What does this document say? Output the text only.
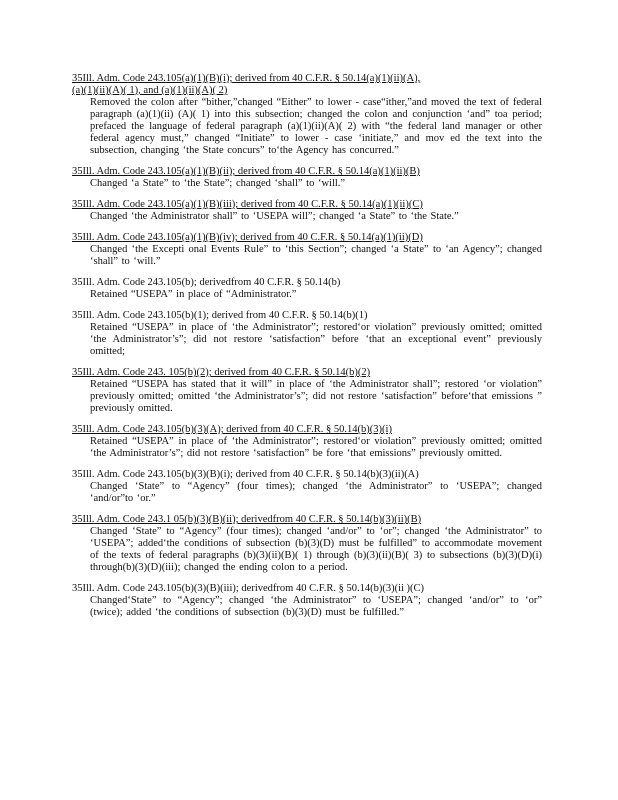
35Ill. Adm. Code 243.105(a)(1)(B)(i); derived from 40 C.F.R. § 50.14(a)(1)(ii)(A),
(a)(1)(ii)(A)( 1), and (a)(1)(ii)(A)( 2)
Removed the colon after “bither,”changed “Either” to lower - case“ither,”and moved the text of federal paragraph (a)(1)(ii) (A)( 1) into this subsection; changed the colon and conjunction ‘and” toa period; prefaced the language of federal paragraph (a)(1)(ii)(A)( 2) with “the federal land manager or other federal agency must,” changed “Initiate” to lower - case ‘initiate,” and mov ed the text into the subsection, changing ‘the State concurs” to‘the Agency has concurred.”
35Ill. Adm. Code 243.105(a)(1)(B)(ii); derived from 40 C.F.R. § 50.14(a)(1)(ii)(B)
Changed ‘a State” to ‘the State”; changed ‘shall” to ‘will.”
35Ill. Adm. Code 243.105(a)(1)(B)(iii); derived from 40 C.F.R. § 50.14(a)(1)(ii)(C)
Changed ‘the Administrator shall” to ‘USEPA will”; changed ‘a State” to ‘the State.”
35Ill. Adm. Code 243.105(a)(1)(B)(iv); derived from 40 C.F.R. § 50.14(a)(1)(ii)(D)
Changed ‘the Excepti onal Events Rule” to ‘this Section”; changed ‘a State” to ‘an Agency”; changed ‘shall” to ‘will.”
35Ill. Adm. Code 243.105(b); derivedfrom 40 C.F.R. § 50.14(b)
Retained “USEPA” in place of “Administrator.”
35Ill. Adm. Code 243.105(b)(1); derived from 40 C.F.R. § 50.14(b)(1)
Retained “USEPA” in place of ‘the Administrator”; restored‘or violation” previously omitted; omitted ‘the Administrator’s”; did not restore ‘satisfaction” before ‘that an exceptional event” previously omitted;
35Ill. Adm. Code 243. 105(b)(2); derived from 40 C.F.R. § 50.14(b)(2)
Retained “USEPA has stated that it will” in place of ‘the Administrator shall”; restored ‘or violation” previously omitted; omitted ‘the Administrator’s”; did not restore ‘satisfaction” before‘that emissions ” previously omitted.
35Ill. Adm. Code 243.105(b)(3)(A); derived from 40 C.F.R. § 50.14(b)(3)(i)
Retained “USEPA” in place of ‘the Administrator”; restored‘or violation” previously omitted; omitted ‘the Administrator’s”; did not restore ‘satisfaction” be fore ‘that emissions” previously omitted.
35Ill. Adm. Code 243.105(b)(3)(B)(i); derived from 40 C.F.R. § 50.14(b)(3)(ii)(A)
Changed ‘State” to “Agency” (four times); changed ‘the Administrator” to ‘USEPA”; changed ‘and/or”to ‘or.”
35Ill. Adm. Code 243.1 05(b)(3)(B)(ii); derivedfrom 40 C.F.R. § 50.14(b)(3)(ii)(B)
Changed ‘State” to “Agency” (four times); changed ‘and/or” to ‘or”; changed ‘the Administrator” to ‘USEPA”; added‘the conditions of subsection (b)(3)(D) must be fulfilled” to accommodate movement of the texts of federal paragraphs (b)(3)(ii)(B)( 1) through (b)(3)(ii)(B)( 3) to subsections (b)(3)(D)(i) through(b)(3)(D)(iii); changed the ending colon to a period.
35Ill. Adm. Code 243.105(b)(3)(B)(iii); derivedfrom 40 C.F.R. § 50.14(b)(3)(ii )(C)
Changed‘State” to “Agency”; changed ‘the Administrator” to ‘USEPA”; changed ‘and/or” to ‘or” (twice); added ‘the conditions of subsection (b)(3)(D) must be fulfilled.”
